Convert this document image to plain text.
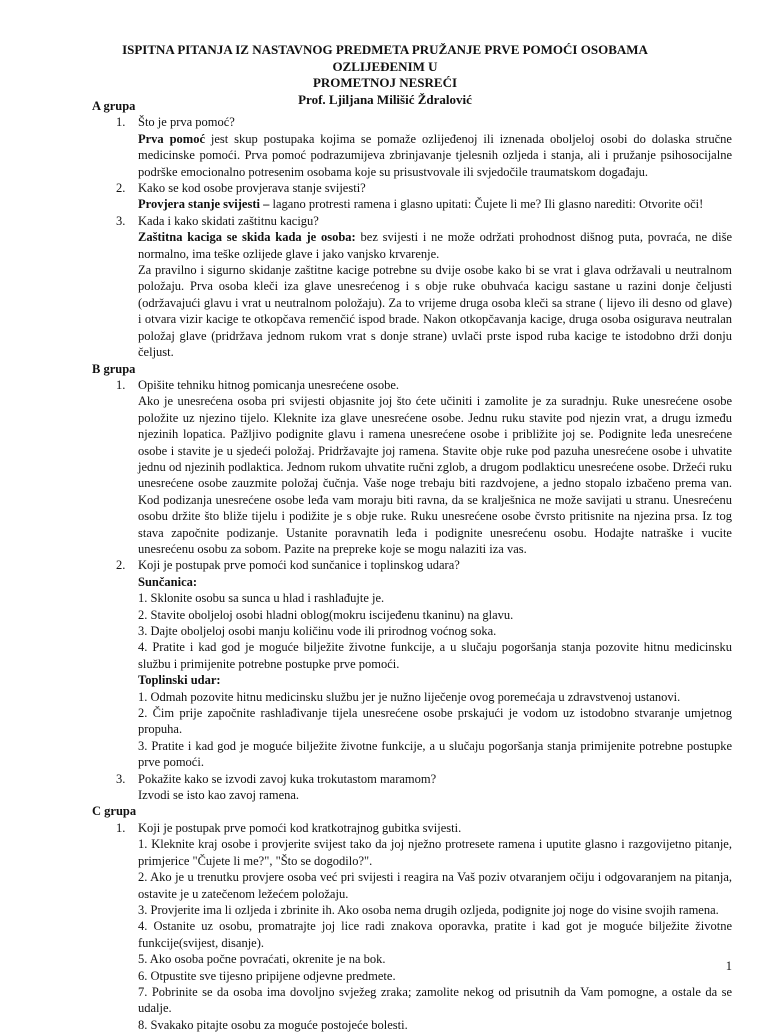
ISPITNA PITANJA IZ NASTAVNOG PREDMETA PRUŽANJE PRVE POMOĆI OSOBAMA OZLIJEĐENIM U
PROMETNOJ NESREĆI
Prof. Ljiljana Milišić Ždralović
A grupa
1.	Što je prva pomoć?

Prva pomoć jest skup postupaka kojima se pomaže ozlijeđenoj ili iznenada oboljeloj osobi do dolaska stručne medicinske pomoći. Prva pomoć podrazumijeva zbrinjavanje tjelesnih ozljeda i stanja, ali i pružanje psihosocijalne podrške emocionalno potresenim osobama koje su prisustvovale ili svjedočile traumatskom događaju.

2.	Kako se kod osobe provjerava stanje svijesti?

Provjera stanje svijesti – lagano protresti ramena i glasno upitati: Čujete li me? Ili glasno narediti: Otvorite oči!

3.	Kada i kako skidati zaštitnu kacigu?

Zaštitna kaciga se skida kada je osoba: bez svijesti i ne može održati prohodnost dišnog puta, povraća, ne diše normalno, ima teške ozlijede glave i jako vanjsko krvarenje.

Za pravilno i sigurno skidanje zaštitne kacige potrebne su dvije osobe kako bi se vrat i glava održavali u neutralnom položaju. Prva osoba kleči iza glave unesrećenog i s obje ruke obuhvaća kacigu sastane u razini donje čeljusti (održavajući glavu i vrat u neutralnom položaju). Za to vrijeme druga osoba kleči sa strane ( lijevo ili desno od glave) i otvara vizir kacige te otkopčava remenčić ispod brade. Nakon otkopčavanja kacige, druga osoba osigurava neutralan položaj glave (pridržava jednom rukom vrat s donje strane) uvlači prste ispod ruba kacige te istodobno drži donju čeljust.

B grupa
1.	Opišite tehniku hitnog pomicanja unesrećene osobe.

Ako je unesrećena osoba pri svijesti objasnite joj što ćete učiniti i zamolite je za suradnju. Ruke unesrećene osobe položite uz njezino tijelo. Kleknite iza glave unesrećene osobe. Jednu ruku stavite pod njezin vrat, a drugu između njezinih lopatica. Pažljivo podignite glavu i ramena unesrećene osobe i približite joj se. Podignite leđa unesrećene osobe i stavite je u sjedeći položaj. Pridržavajte joj ramena. Stavite obje ruke pod pazuha unesrećene osobe i uhvatite jednu od njezinih podlaktica. Jednom rukom uhvatite ručni zglob, a drugom podlakticu unesrećene osobe. Držeći ruku unesrećene osobe zauzmite položaj čučnja. Vaše noge trebaju biti razdvojene, a jedno stopalo izbačeno prema van. Kod podizanja unesrećene osobe leđa vam moraju biti ravna, da se kralješnica ne može savijati u stranu. Unesrećenu osobu držite što bliže tijelu i podižite je s obje ruke. Ruku unesrećene osobe čvrsto pritisnite na njezina prsa. Iz tog stava započnite podizanje. Ustanite poravnatih leđa i podignite unesrećenu osobu. Hodajte natraške i vucite unesrećenu osobu za sobom. Pazite na prepreke koje se mogu nalaziti iza vas.

2.	Koji je postupak prve pomoći kod sunčanice i toplinskog udara?

Sunčanica:

1. Sklonite osobu sa sunca u hlad i rashlađujte je.

2. Stavite oboljeloj osobi hladni oblog(mokru iscijeđenu tkaninu) na glavu.

3. Dajte oboljeloj osobi manju količinu vode ili prirodnog voćnog soka.

4. Pratite i kad god je moguće bilježite životne funkcije, a u slučaju pogoršanja stanja pozovite hitnu medicinsku službu i primijenite potrebne postupke prve pomoći.

Toplinski udar:

1. Odmah pozovite hitnu medicinsku službu jer je nužno liječenje ovog poremećaja u zdravstvenoj ustanovi.

2. Čim prije započnite rashlađivanje tijela unesrećene osobe prskajući je vodom uz istodobno stvaranje umjetnog propuha.

3. Pratite i kad god je moguće bilježite životne funkcije, a u slučaju pogoršanja stanja primijenite potrebne postupke prve pomoći.

3.	Pokažite kako se izvodi zavoj kuka trokutastom maramom?

Izvodi se isto kao zavoj ramena.

C grupa
1.	Koji je postupak prve pomoći kod kratkotrajnog gubitka svijesti.

1. Kleknite kraj osobe i provjerite svijest tako da joj nježno protresete ramena i uputite glasno i razgovijetno pitanje, primjerice "Čujete li me?", "Što se dogodilo?".

2. Ako je u trenutku provjere osoba već pri svijesti i reagira na Vaš poziv otvaranjem očiju i odgovaranjem na pitanja, ostavite je u zatečenom ležećem položaju.

3. Provjerite ima li ozljeda i zbrinite ih. Ako osoba nema drugih ozljeda, podignite joj noge do visine svojih ramena.

4. Ostanite uz osobu, promatrajte joj lice radi znakova oporavka, pratite i kad got je moguće bilježite životne funkcije(svijest, disanje).

5. Ako osoba počne povraćati, okrenite je na bok.

6. Otpustite sve tijesno pripijene odjevne predmete.

7. Pobrinite se da osoba ima dovoljno svježeg zraka; zamolite nekog od prisutnih da Vam pomogne, a ostale da se udalje.

8. Svakako pitajte osobu za moguće postojeće bolesti.

1
